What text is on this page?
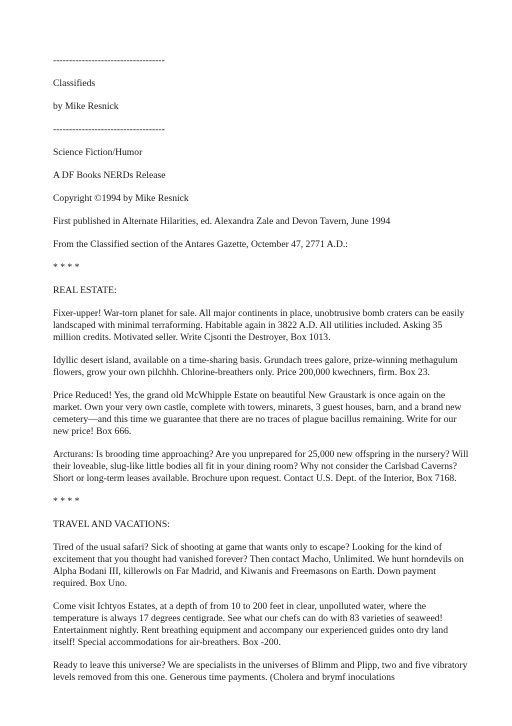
-----------------------------------
Classifieds
by Mike Resnick
-----------------------------------
Science Fiction/Humor
A DF Books NERDs Release
Copyright ©1994 by Mike Resnick
First published in Alternate Hilarities, ed. Alexandra Zale and Devon Tavern, June 1994
From the Classified section of the Antares Gazette, Octember 47, 2771 A.D.:
* * * *
REAL ESTATE:
Fixer-upper! War-torn planet for sale. All major continents in place, unobtrusive bomb craters can be easily landscaped with minimal terraforming. Habitable again in 3822 A.D. All utilities included. Asking 35 million credits. Motivated seller. Write Cjsonti the Destroyer, Box 1013.
Idyllic desert island, available on a time-sharing basis. Grundach trees galore, prize-winning methagulum flowers, grow your own pilchhh. Chlorine-breathers only. Price 200,000 kwechners, firm. Box 23.
Price Reduced! Yes, the grand old McWhipple Estate on beautiful New Graustark is once again on the market. Own your very own castle, complete with towers, minarets, 3 guest houses, barn, and a brand new cemetery—and this time we guarantee that there are no traces of plague bacillus remaining. Write for our new price! Box 666.
Arcturans: Is brooding time approaching? Are you unprepared for 25,000 new offspring in the nursery? Will their loveable, slug-like little bodies all fit in your dining room? Why not consider the Carlsbad Caverns? Short or long-term leases available. Brochure upon request. Contact U.S. Dept. of the Interior, Box 7168.
* * * *
TRAVEL AND VACATIONS:
Tired of the usual safari? Sick of shooting at game that wants only to escape? Looking for the kind of excitement that you thought had vanished forever? Then contact Macho, Unlimited. We hunt horndevils on Alpha Bodani III, killerowls on Far Madrid, and Kiwanis and Freemasons on Earth. Down payment required. Box Uno.
Come visit Ichtyos Estates, at a depth of from 10 to 200 feet in clear, unpolluted water, where the temperature is always 17 degrees centigrade. See what our chefs can do with 83 varieties of seaweed! Entertainment nightly. Rent breathing equipment and accompany our experienced guides onto dry land itself! Special accommodations for air-breathers. Box -200.
Ready to leave this universe? We are specialists in the universes of Blimm and Plipp, two and five vibratory levels removed from this one. Generous time payments. (Cholera and brymf inoculations
